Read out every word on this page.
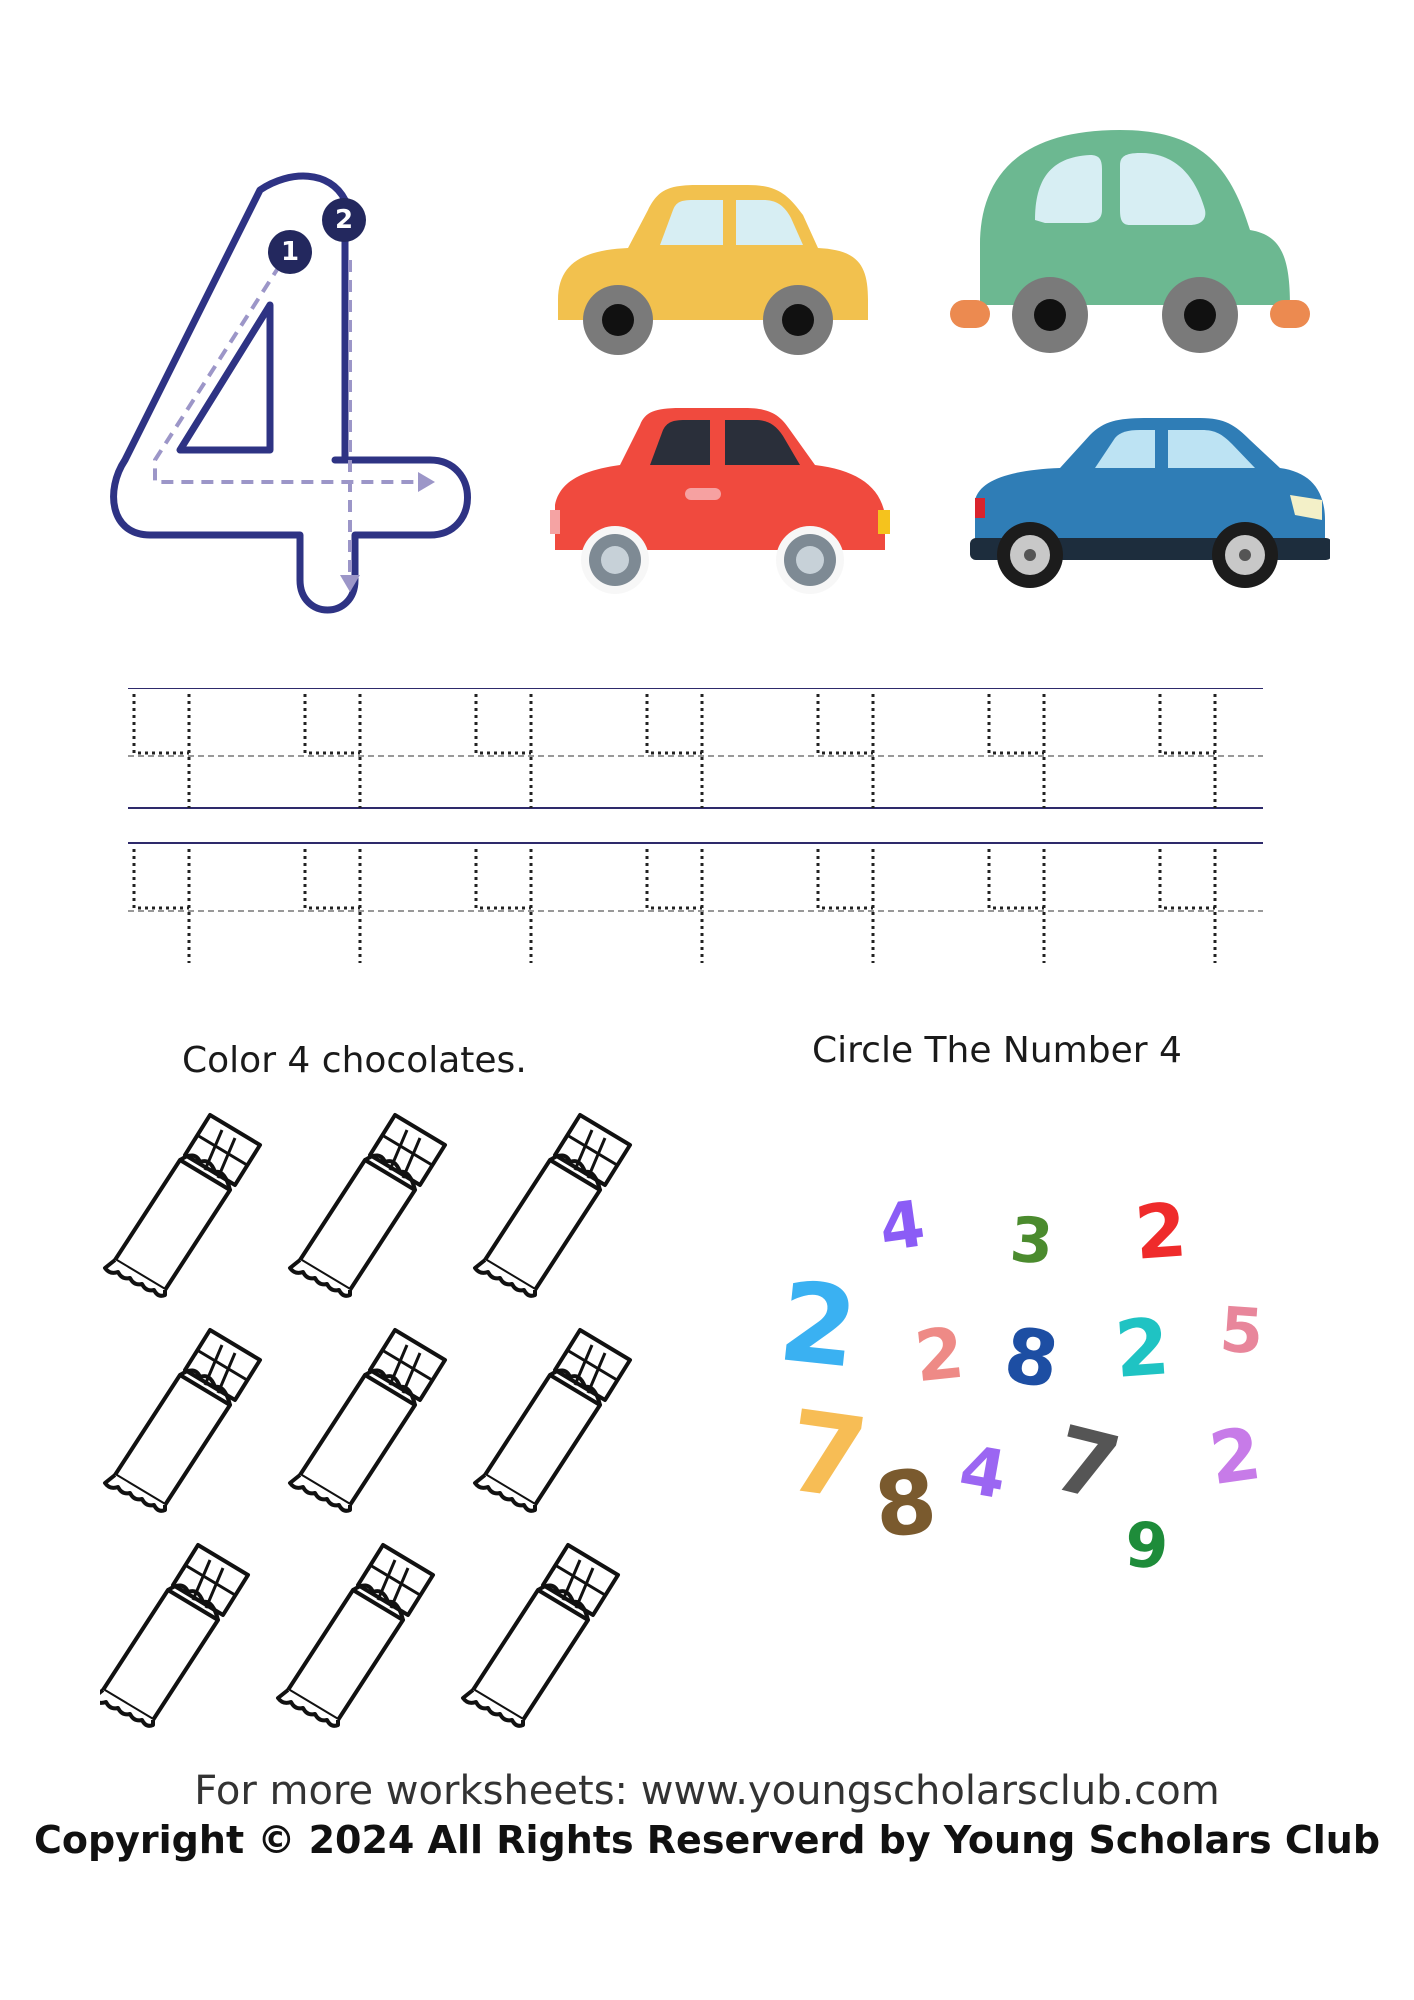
1
2
Color 4 chocolates.	Circle The Number 4
4 3 2
2 2 8 2 5
7
8 4 7 2
9
For more worksheets: www.youngscholarsclub.com
Copyright © 2024 All Rights Reserverd by Young Scholars Club
